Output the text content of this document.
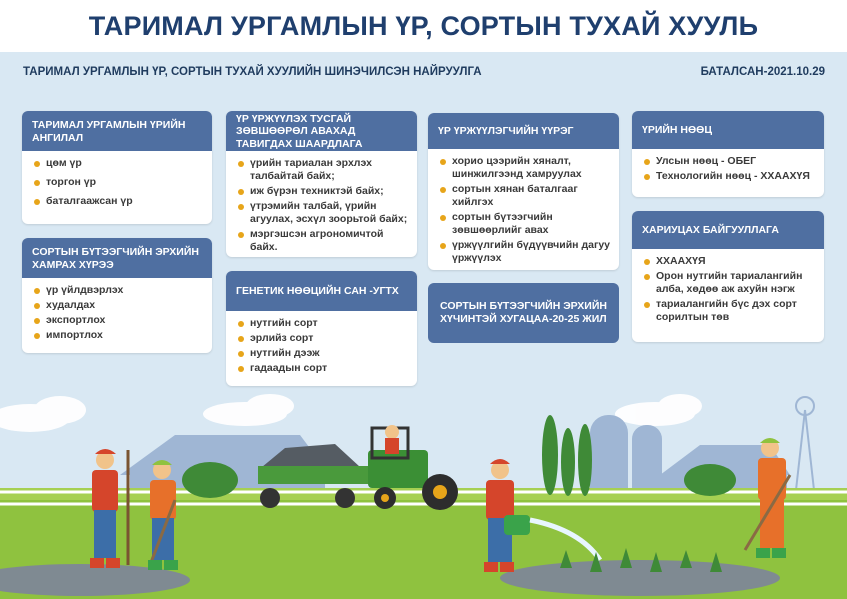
ТАРИМАЛ УРГАМЛЫН ҮР, СОРТЫН ТУХАЙ ХУУЛЬ
ТАРИМАЛ УРГАМЛЫН ҮР, СОРТЫН ТУХАЙ ХУУЛИЙН ШИНЭЧИЛСЭН НАЙРУУЛГА	БАТАЛСАН-2021.10.29
ТАРИМАЛ УРГАМЛЫН ҮРИЙН АНГИЛАЛ
цөм үр
торгон үр
баталгаажсан үр
СОРТЫН БҮТЭЭГЧИЙН ЭРХИЙН ХАМРАХ ХҮРЭЭ
үр үйлдвэрлэх
худалдах
экспортлох
импортлох
ҮР ҮРЖҮҮЛЭХ ТУСГАЙ ЗӨВШӨӨРӨЛ АВАХАД ТАВИГДАХ ШААРДЛАГА
үрийн тариалан эрхлэх талбайтай байх;
иж бүрэн техниктэй байх;
үтрэмийн талбай, үрийн агуулах, эсхүл зоорьтой байх;
мэргэшсэн агрономичтой байх.
ГЕНЕТИК НӨӨЦИЙН САН -УГТХ
нутгийн сорт
эрлийз сорт
нутгийн дээж
гадаадын сорт
ҮР ҮРЖҮҮЛЭГЧИЙН ҮҮРЭГ
хорио цээрийн хяналт, шинжилгээнд хамруулах
сортын хянан баталгааг хийлгэх
сортын бүтээгчийн зөвшөөрлийг авах
үржүүлгийн бүдүүвчийн дагуу үржүүлэх
СОРТЫН БҮТЭЭГЧИЙН ЭРХИЙН ХҮЧИНТЭЙ ХУГАЦАА-20-25 ЖИЛ
ҮРИЙН НӨӨЦ
Улсын нөөц - ОБЕГ
Технологийн нөөц - ХХААХҮЯ
ХАРИУЦАХ БАЙГУУЛЛАГА
ХХААХҮЯ
Орон нутгийн тариалангийн алба, хөдөө аж ахуйн нэгж
тариалангийн бүс дэх сорт сорилтын төв
